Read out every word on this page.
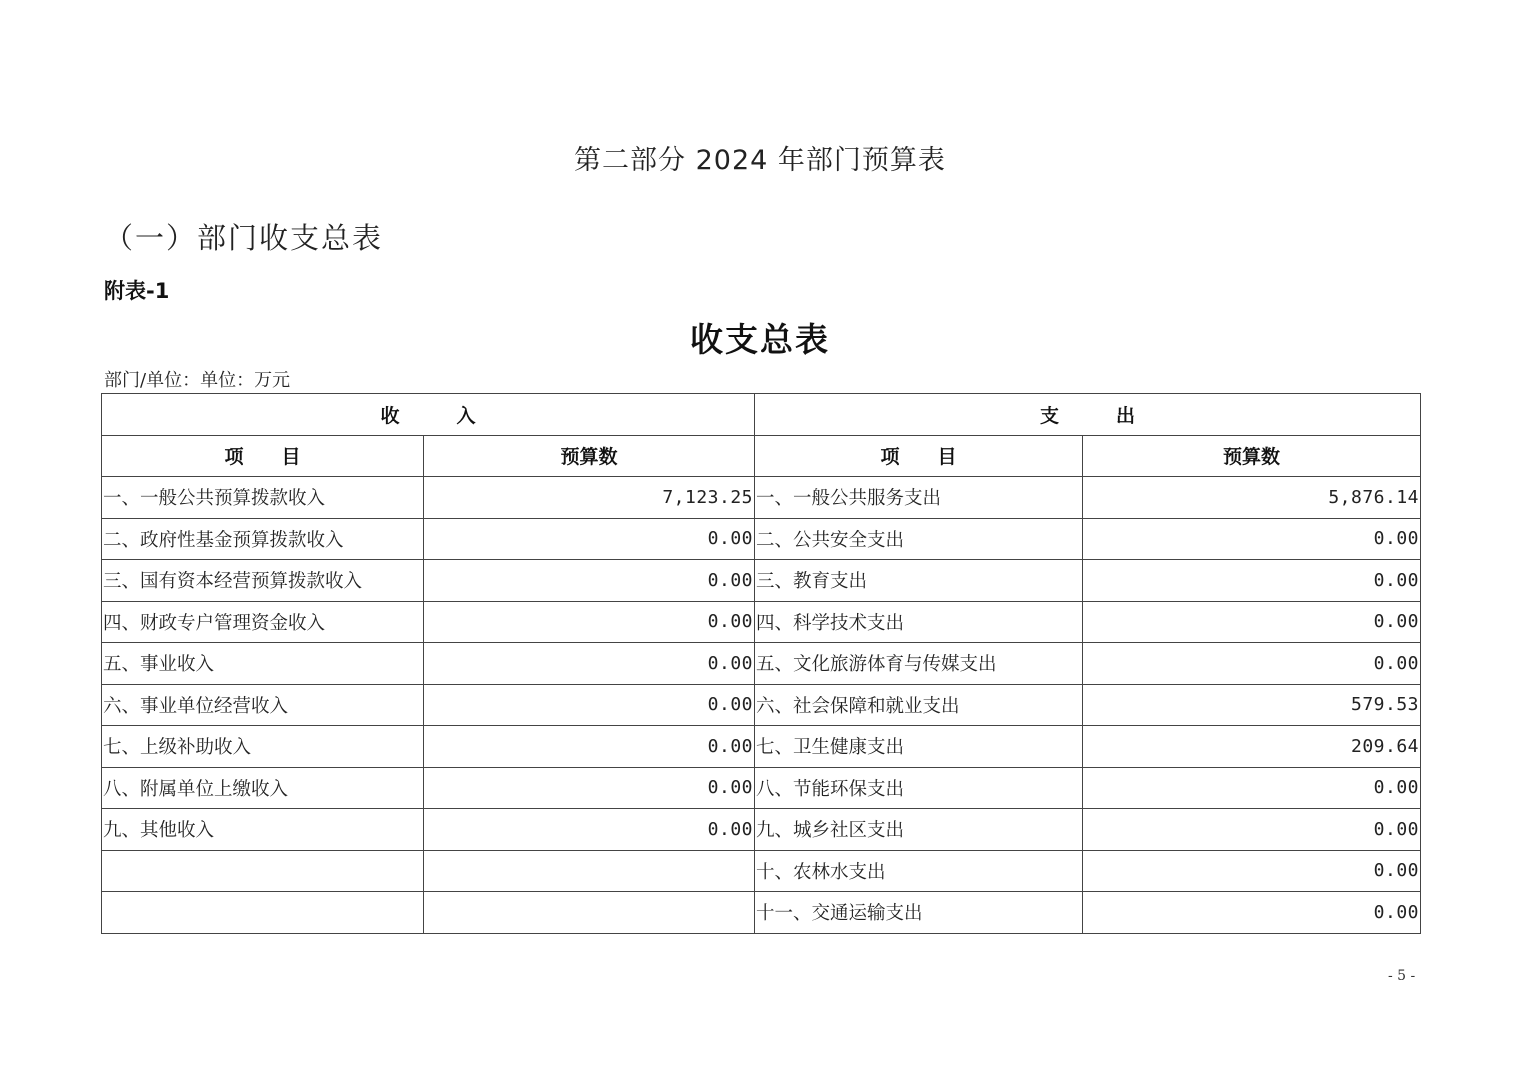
第二部分 2024 年部门预算表
（一）部门收支总表
附表-1
收支总表
部门/单位：单位：万元
收　　　入		支　　　出	
项　　目	预算数	项　　目	预算数
一、一般公共预算拨款收入	7,123.25	一、一般公共服务支出	5,876.14
二、政府性基金预算拨款收入	0.00	二、公共安全支出	0.00
三、国有资本经营预算拨款收入	0.00	三、教育支出	0.00
四、财政专户管理资金收入	0.00	四、科学技术支出	0.00
五、事业收入	0.00	五、文化旅游体育与传媒支出	0.00
六、事业单位经营收入	0.00	六、社会保障和就业支出	579.53
七、上级补助收入	0.00	七、卫生健康支出	209.64
八、附属单位上缴收入	0.00	八、节能环保支出	0.00
九、其他收入	0.00	九、城乡社区支出	0.00
		十、农林水支出	0.00
		十一、交通运输支出	0.00
- 5 -
